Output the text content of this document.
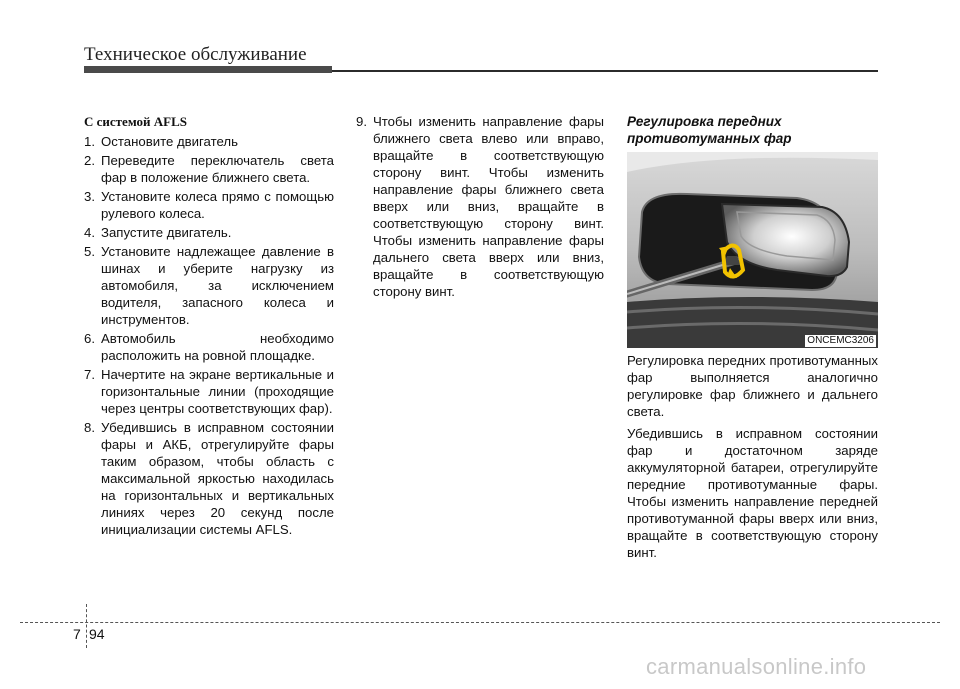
Техническое обслуживание
С системой AFLS
1. Остановите двигатель
2. Переведите переключатель света фар в положение ближнего света.
3. Установите колеса прямо с помощью рулевого колеса.
4. Запустите двигатель.
5. Установите надлежащее давление в шинах и уберите нагрузку из автомобиля, за исключением водителя, запасного колеса и инструментов.
6. Автомобиль необходимо расположить на ровной площадке.
7. Начертите на экране вертикальные и горизонтальные линии (проходящие через центры соответствующих фар).
8. Убедившись в исправном состоянии фары и АКБ, отрегулируйте фары таким образом, чтобы область с максимальной яркостью находилась на горизонтальных и вертикальных линиях через 20 секунд после инициализации системы AFLS.
9. Чтобы изменить направление фары ближнего света влево или вправо, вращайте в соответствующую сторону винт. Чтобы изменить направление фары ближнего света вверх или вниз, вращайте в соответствующую сторону винт. Чтобы изменить направление фары дальнего света вверх или вниз, вращайте в соответствующую сторону винт.
Регулировка передних противотуманных фар
ONCEMC3206

Регулировка передних противотуманных фар выполняется аналогично регулировке фар ближнего и дальнего света.

Убедившись в исправном состоянии фар и достаточном заряде аккумуляторной батареи, отрегулируйте передние противотуманные фары. Чтобы изменить направление передней противотуманной фары вверх или вниз, вращайте в соответствующую сторону винт.

7 94
carmanualsonline.info
